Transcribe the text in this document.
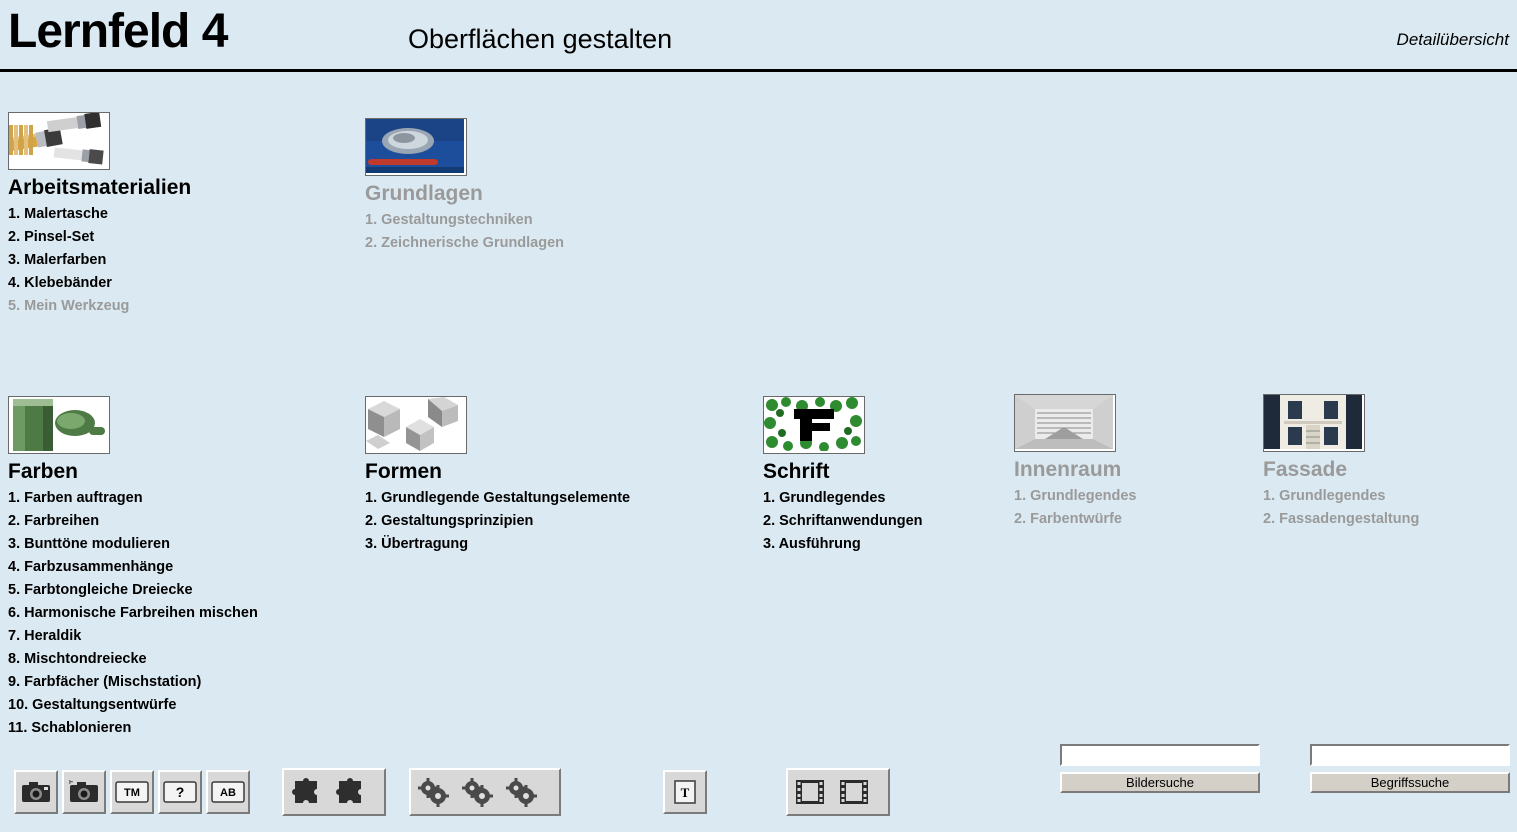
Lernfeld 4	Oberflächen gestalten	Detailübersicht
Arbeitsmaterialien
1. Malertasche
2. Pinsel-Set
3. Malerfarben
4. Klebebänder
5. Mein Werkzeug
Grundlagen
1. Gestaltungstechniken
2. Zeichnerische Grundlagen
Farben
1. Farben auftragen
2. Farbreihen
3. Bunttöne modulieren
4. Farbzusammenhänge
5. Farbtongleiche Dreiecke
6. Harmonische Farbreihen mischen
7. Heraldik
8. Mischtondreiecke
9. Farbfächer (Mischstation)
10. Gestaltungsentwürfe
11. Schablonieren
Formen
1. Grundlegende Gestaltungselemente
2. Gestaltungsprinzipien
3. Übertragung
Schrift
1. Grundlegendes
2. Schriftanwendungen
3. Ausführung
Innenraum
1. Grundlegendes
2. Farbentwürfe
Fassade
1. Grundlegendes
2. Fassadengestaltung
Bildersuche	Begriffssuche
F
TM	?	AB	T
